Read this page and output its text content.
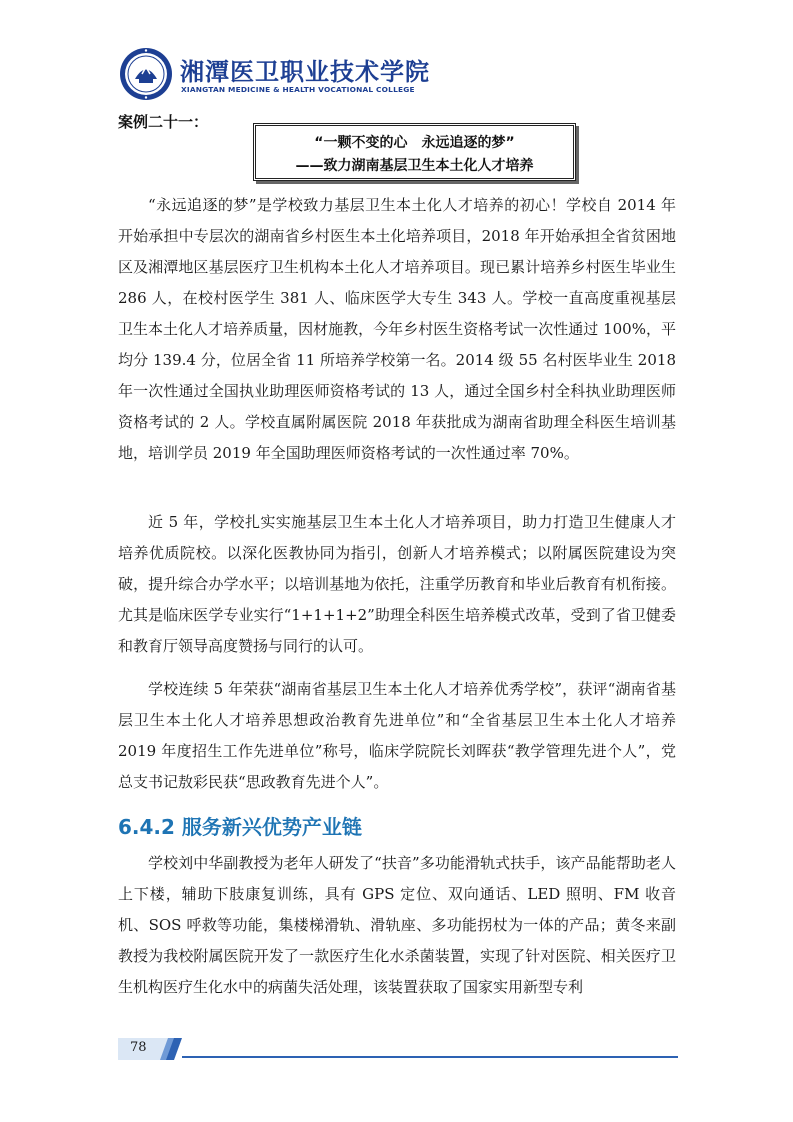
湘潭医卫职业技术学院
XIANGTAN MEDICINE & HEALTH VOCATIONAL COLLEGE
案例二十一：
“一颗不变的心　永远追逐的梦”
——致力湖南基层卫生本土化人才培养

“永远追逐的梦”是学校致力基层卫生本土化人才培养的初心！学校自 2014 年开始承担中专层次的湖南省乡村医生本土化培养项目，2018 年开始承担全省贫困地区及湘潭地区基层医疗卫生机构本土化人才培养项目。现已累计培养乡村医生毕业生 286 人，在校村医学生 381 人、临床医学大专生 343 人。学校一直高度重视基层卫生本土化人才培养质量，因材施教，今年乡村医生资格考试一次性通过 100%，平均分 139.4 分，位居全省 11 所培养学校第一名。2014 级 55 名村医毕业生 2018 年一次性通过全国执业助理医师资格考试的 13 人，通过全国乡村全科执业助理医师资格考试的 2 人。学校直属附属医院 2018 年获批成为湖南省助理全科医生培训基地，培训学员 2019 年全国助理医师资格考试的一次性通过率 70%。

近 5 年，学校扎实实施基层卫生本土化人才培养项目，助力打造卫生健康人才培养优质院校。以深化医教协同为指引，创新人才培养模式；以附属医院建设为突破，提升综合办学水平；以培训基地为依托，注重学历教育和毕业后教育有机衔接。尤其是临床医学专业实行“1+1+1+2”助理全科医生培养模式改革，受到了省卫健委和教育厅领导高度赞扬与同行的认可。

学校连续 5 年荣获“湖南省基层卫生本土化人才培养优秀学校”，获评“湖南省基层卫生本土化人才培养思想政治教育先进单位”和“全省基层卫生本土化人才培养 2019 年度招生工作先进单位”称号，临床学院院长刘晖获“教学管理先进个人”，党总支书记敖彩民获“思政教育先进个人”。

6.4.2 服务新兴优势产业链

学校刘中华副教授为老年人研发了“扶音”多功能滑轨式扶手，该产品能帮助老人上下楼，辅助下肢康复训练，具有 GPS 定位、双向通话、LED 照明、FM 收音机、SOS 呼救等功能，集楼梯滑轨、滑轨座、多功能拐杖为一体的产品；黄冬来副教授为我校附属医院开发了一款医疗生化水杀菌装置，实现了针对医院、相关医疗卫生机构医疗生化水中的病菌失活处理，该装置获取了国家实用新型专利

78
